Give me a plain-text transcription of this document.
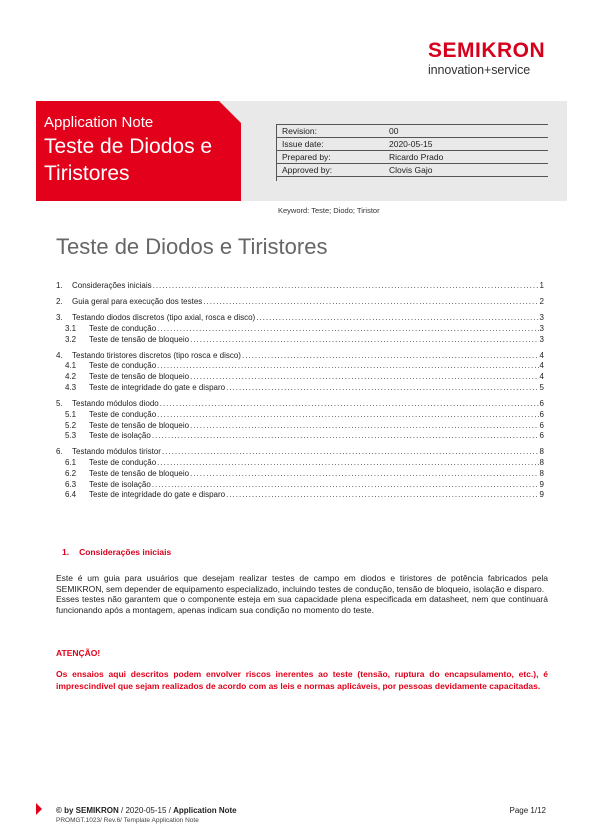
SEMIKRON
innovation+service
Application Note
Teste de Diodos e Tiristores
Revision:	00
Issue date:	2020-05-15
Prepared by:	Ricardo Prado
Approved by:	Clovis Gajo
Keyword: Teste; Diodo; Tiristor
Teste de Diodos e Tiristores
1.	Considerações iniciais .....	1
2.	Guia geral para execução dos testes .....	2
3.	Testando diodos discretos (tipo axial, rosca e disco) .....	3
3.1	Teste de condução .....	3
3.2	Teste de tensão de bloqueio .....	3
4.	Testando tiristores discretos (tipo rosca e disco) .....	4
4.1	Teste de condução .....	4
4.2	Teste de tensão de bloqueio .....	4
4.3	Teste de integridade do gate e disparo .....	5
5.	Testando módulos diodo .....	6
5.1	Teste de condução .....	6
5.2	Teste de tensão de bloqueio .....	6
5.3	Teste de isolação .....	6
6.	Testando módulos tiristor .....	8
6.1	Teste de condução .....	8
6.2	Teste de tensão de bloqueio .....	8
6.3	Teste de isolação .....	9
6.4	Teste de integridade do gate e disparo .....	9
1. Considerações iniciais

Este é um guia para usuários que desejam realizar testes de campo em diodos e tiristores de potência fabricados pela SEMIKRON, sem depender de equipamento especializado, incluindo testes de condução, tensão de bloqueio, isolação e disparo.

Esses testes não garantem que o componente esteja em sua capacidade plena especificada em datasheet, nem que continuará funcionando após a montagem, apenas indicam sua condição no momento do teste.

ATENÇÃO!
Os ensaios aqui descritos podem envolver riscos inerentes ao teste (tensão, ruptura do encapsulamento, etc.), é imprescindível que sejam realizados de acordo com as leis e normas aplicáveis, por pessoas devidamente capacitadas.
© by SEMIKRON / 2020-05-15 / Application Note
PROMGT.1023/ Rev.6/ Template Application Note
Page 1/12
